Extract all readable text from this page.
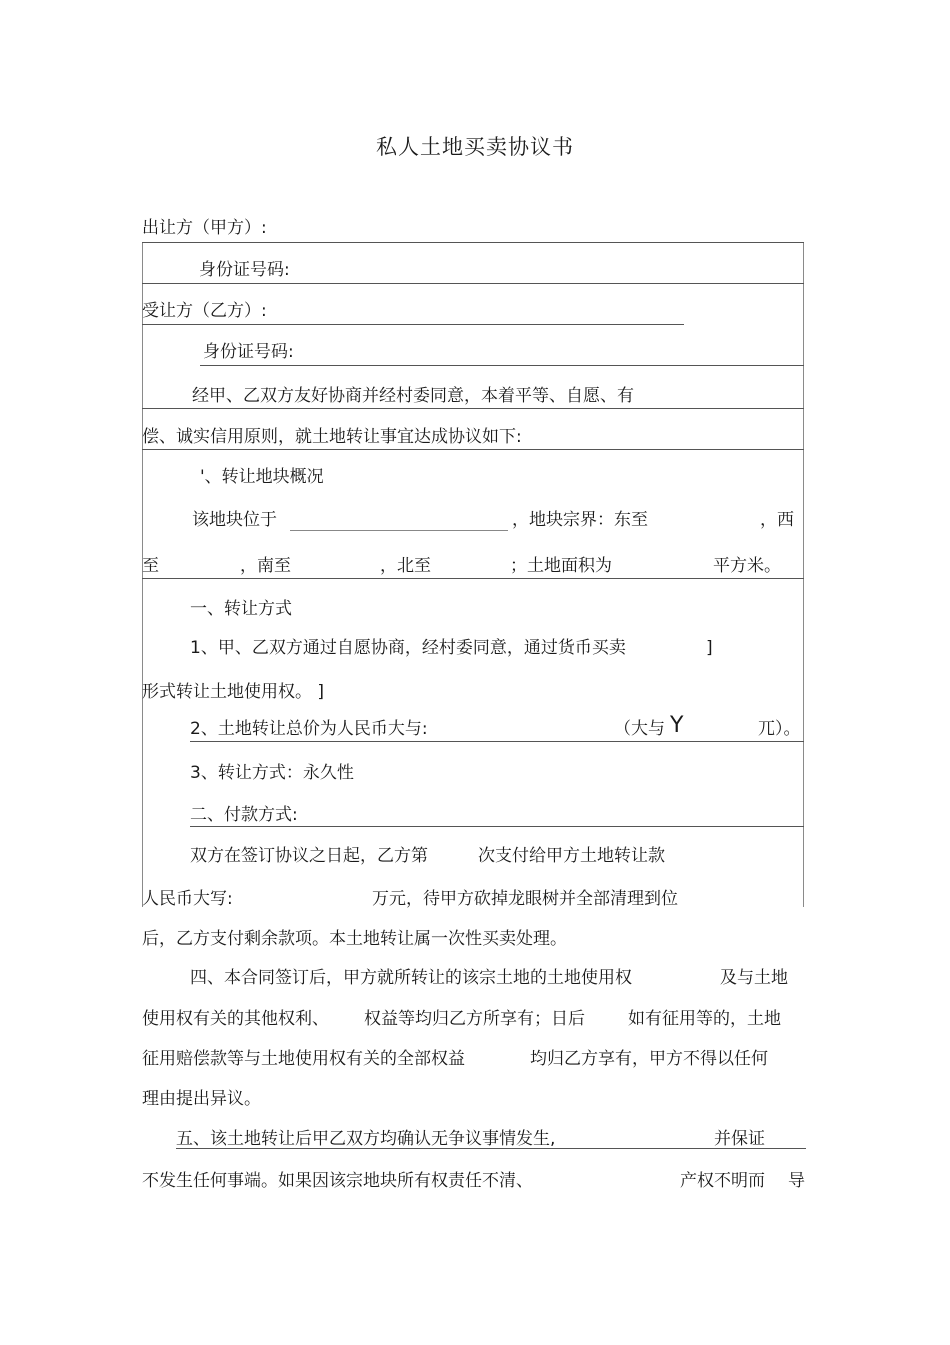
私人土地买卖协议书
出让方（甲方）:
身份证号码:
受让方（乙方）:
身份证号码:
经甲、乙双方友好协商并经村委同意，本着平等、自愿、有
偿、诚实信用原则，就土地转让事宜达成协议如下:
'、转让地块概况
该地块位于	，地块宗界：东至	，西
至	，南至	，北至	；土地面积为	平方米。
一、转让方式
1、甲、乙双方通过自愿协商，经村委同意，通过货币买卖	]
形式转让土地使用权。 ]
2、土地转让总价为人民币大与:	（大与 Y	兀）。
3、转让方式：永久性
二、付款方式:
双方在签订协议之日起，乙方第	次支付给甲方土地转让款
人民币大写:	万元，待甲方砍掉龙眼树并全部清理到位
后，乙方支付剩余款项。本土地转让属一次性买卖处理。
四、本合同签订后，甲方就所转让的该宗土地的土地使用权	及与土地
使用权有关的其他权利、 权益等均归乙方所享有；日后	如有征用等的，土地
征用赔偿款等与土地使用权有关的全部权益	均归乙方享有，甲方不得以任何
理由提出异议。
五、该土地转让后甲乙双方均确认无争议事情发生,	并保证
不发生任何事端。如果因该宗地块所有权责任不清、	产权不明而 导
